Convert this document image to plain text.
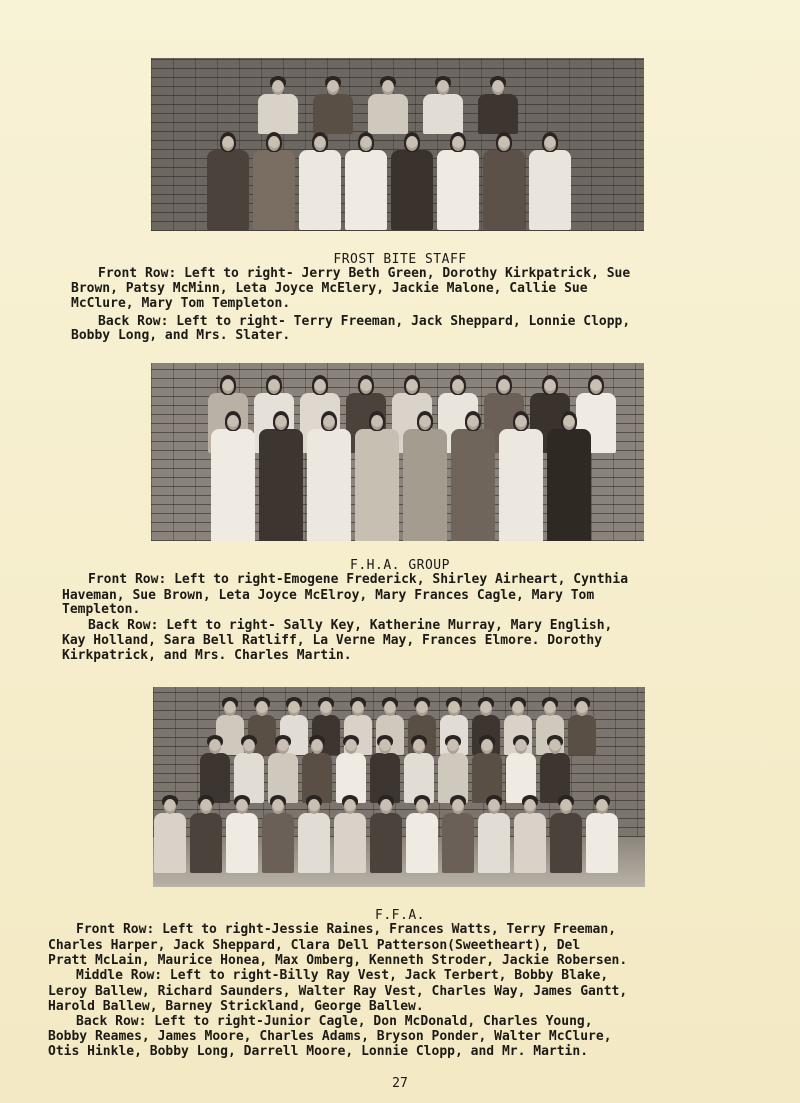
FROST BITE STAFF
Front Row: Left to right- Jerry Beth Green, Dorothy Kirkpatrick, Sue
Brown, Patsy McMinn, Leta Joyce McElery, Jackie Malone, Callie Sue
McClure, Mary Tom Templeton.
Back Row: Left to right- Terry Freeman, Jack Sheppard, Lonnie Clopp,
Bobby Long, and Mrs. Slater.
F.H.A. GROUP
Front Row: Left to right-Emogene Frederick, Shirley Airheart, Cynthia
Haveman, Sue Brown, Leta Joyce McElroy, Mary Frances Cagle, Mary Tom
Templeton.
Back Row: Left to right- Sally Key, Katherine Murray, Mary English,
Kay Holland, Sara Bell Ratliff, La Verne May, Frances Elmore. Dorothy
Kirkpatrick, and Mrs. Charles Martin.
F.F.A.
Front Row: Left to right-Jessie Raines, Frances Watts, Terry Freeman,
Charles Harper, Jack Sheppard, Clara Dell Patterson(Sweetheart), Del
Pratt McLain, Maurice Honea, Max Omberg, Kenneth Stroder, Jackie Robersen.
Middle Row: Left to right-Billy Ray Vest, Jack Terbert, Bobby Blake,
Leroy Ballew, Richard Saunders, Walter Ray Vest, Charles Way, James Gantt,
Harold Ballew, Barney Strickland, George Ballew.
Back Row: Left to right-Junior Cagle, Don McDonald, Charles Young,
Bobby Reames, James Moore, Charles Adams, Bryson Ponder, Walter McClure,
Otis Hinkle, Bobby Long, Darrell Moore, Lonnie Clopp, and Mr. Martin.
27
